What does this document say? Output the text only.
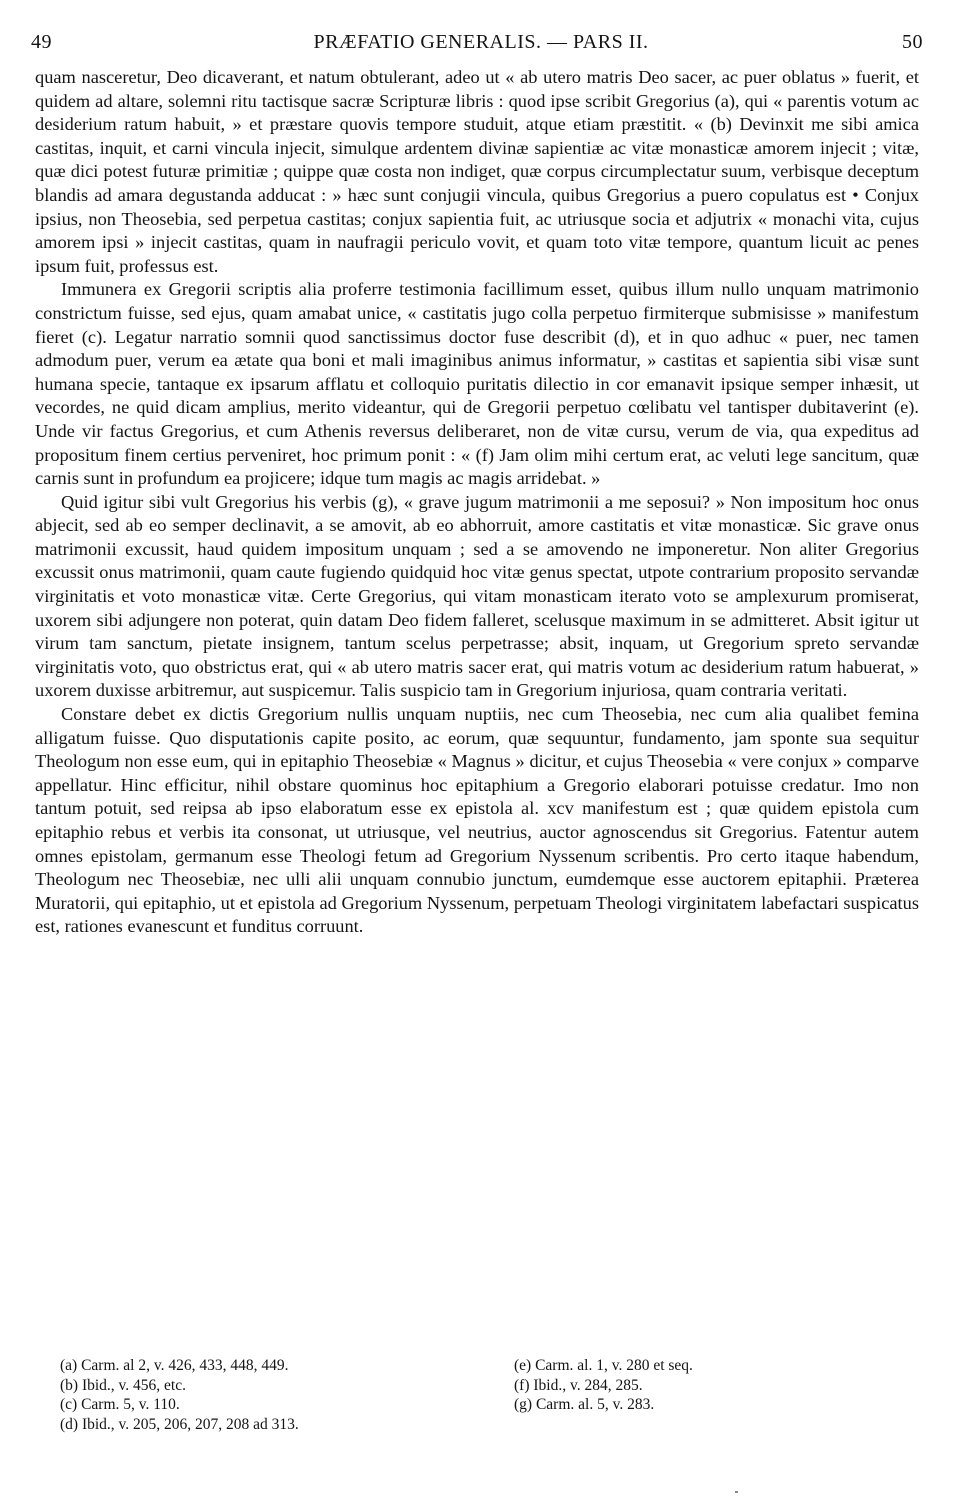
49	PRÆFATIO GENERALIS. — PARS II.	50

quam nasceretur, Deo dicaverant, et natum obtulerant, adeo ut « ab utero matris Deo sacer, ac puer oblatus » fuerit, et quidem ad altare, solemni ritu tactisque sacræ Scripturæ libris : quod ipse scribit Gregorius (a), qui « parentis votum ac desiderium ratum habuit, » et præstare quovis tempore studuit, atque etiam præstitit. « (b) Devinxit me sibi amica castitas, inquit, et carni vincula injecit, simulque ardentem divinæ sapientiæ ac vitæ monasticæ amorem injecit ; vitæ, quæ dici potest futuræ primitiæ ; quippe quæ costa non indiget, quæ corpus circumplectatur suum, verbisque deceptum blandis ad amara degustanda adducat : » hæc sunt conjugii vincula, quibus Gregorius a puero copulatus est • Conjux ipsius, non Theosebia, sed perpetua castitas; conjux sapientia fuit, ac utriusque socia et adjutrix « monachi vita, cujus amorem ipsi » injecit castitas, quam in naufragii periculo vovit, et quam toto vitæ tempore, quantum licuit ac penes ipsum fuit, professus est.

Immunera ex Gregorii scriptis alia proferre testimonia facillimum esset, quibus illum nullo unquam matrimonio constrictum fuisse, sed ejus, quam amabat unice, « castitatis jugo colla perpetuo firmiterque submisisse » manifestum fieret (c). Legatur narratio somnii quod sanctissimus doctor fuse describit (d), et in quo adhuc « puer, nec tamen admodum puer, verum ea ætate qua boni et mali imaginibus animus informatur, » castitas et sapientia sibi visæ sunt humana specie, tantaque ex ipsarum afflatu et colloquio puritatis dilectio in cor emanavit ipsique semper inhæsit, ut vecordes, ne quid dicam amplius, merito videantur, qui de Gregorii perpetuo cœlibatu vel tantisper dubitaverint (e). Unde vir factus Gregorius, et cum Athenis reversus deliberaret, non de vitæ cursu, verum de via, qua expeditus ad propositum finem certius perveniret, hoc primum ponit : « (f) Jam olim mihi certum erat, ac veluti lege sancitum, quæ carnis sunt in profundum ea projicere; idque tum magis ac magis arridebat. »

Quid igitur sibi vult Gregorius his verbis (g), « grave jugum matrimonii a me seposui? » Non impositum hoc onus abjecit, sed ab eo semper declinavit, a se amovit, ab eo abhorruit, amore castitatis et vitæ monasticæ. Sic grave onus matrimonii excussit, haud quidem impositum unquam ; sed a se amovendo ne imponeretur. Non aliter Gregorius excussit onus matrimonii, quam caute fugiendo quidquid hoc vitæ genus spectat, utpote contrarium proposito servandæ virginitatis et voto monasticæ vitæ. Certe Gregorius, qui vitam monasticam iterato voto se amplexurum promiserat, uxorem sibi adjungere non poterat, quin datam Deo fidem falleret, scelusque maximum in se admitteret. Absit igitur ut virum tam sanctum, pietate insignem, tantum scelus perpetrasse; absit, inquam, ut Gregorium spreto servandæ virginitatis voto, quo obstrictus erat, qui « ab utero matris sacer erat, qui matris votum ac desiderium ratum habuerat, » uxorem duxisse arbitremur, aut suspicemur. Talis suspicio tam in Gregorium injuriosa, quam contraria veritati.

Constare debet ex dictis Gregorium nullis unquam nuptiis, nec cum Theosebia, nec cum alia qualibet femina alligatum fuisse. Quo disputationis capite posito, ac eorum, quæ sequuntur, fundamento, jam sponte sua sequitur Theologum non esse eum, qui in epitaphio Theosebiæ « Magnus » dicitur, et cujus Theosebia « vere conjux » comparve appellatur. Hinc efficitur, nihil obstare quominus hoc epitaphium a Gregorio elaborari potuisse credatur. Imo non tantum potuit, sed reipsa ab ipso elaboratum esse ex epistola al. xcv manifestum est ; quæ quidem epistola cum epitaphio rebus et verbis ita consonat, ut utriusque, vel neutrius, auctor agnoscendus sit Gregorius. Fatentur autem omnes epistolam, germanum esse Theologi fetum ad Gregorium Nyssenum scribentis. Pro certo itaque habendum, Theologum nec Theosebiæ, nec ulli alii unquam connubio junctum, eumdemque esse auctorem epitaphii. Præterea Muratorii, qui epitaphio, ut et epistola ad Gregorium Nyssenum, perpetuam Theologi virginitatem labefactari suspicatus est, rationes evanescunt et funditus corruunt.

(a) Carm. al 2, v. 426, 433, 448, 449.
(b) Ibid., v. 456, etc.
(c) Carm. 5, v. 110.
(d) Ibid., v. 205, 206, 207, 208 ad 313.
(e) Carm. al. 1, v. 280 et seq.
(f) Ibid., v. 284, 285.
(g) Carm. al. 5, v. 283.
